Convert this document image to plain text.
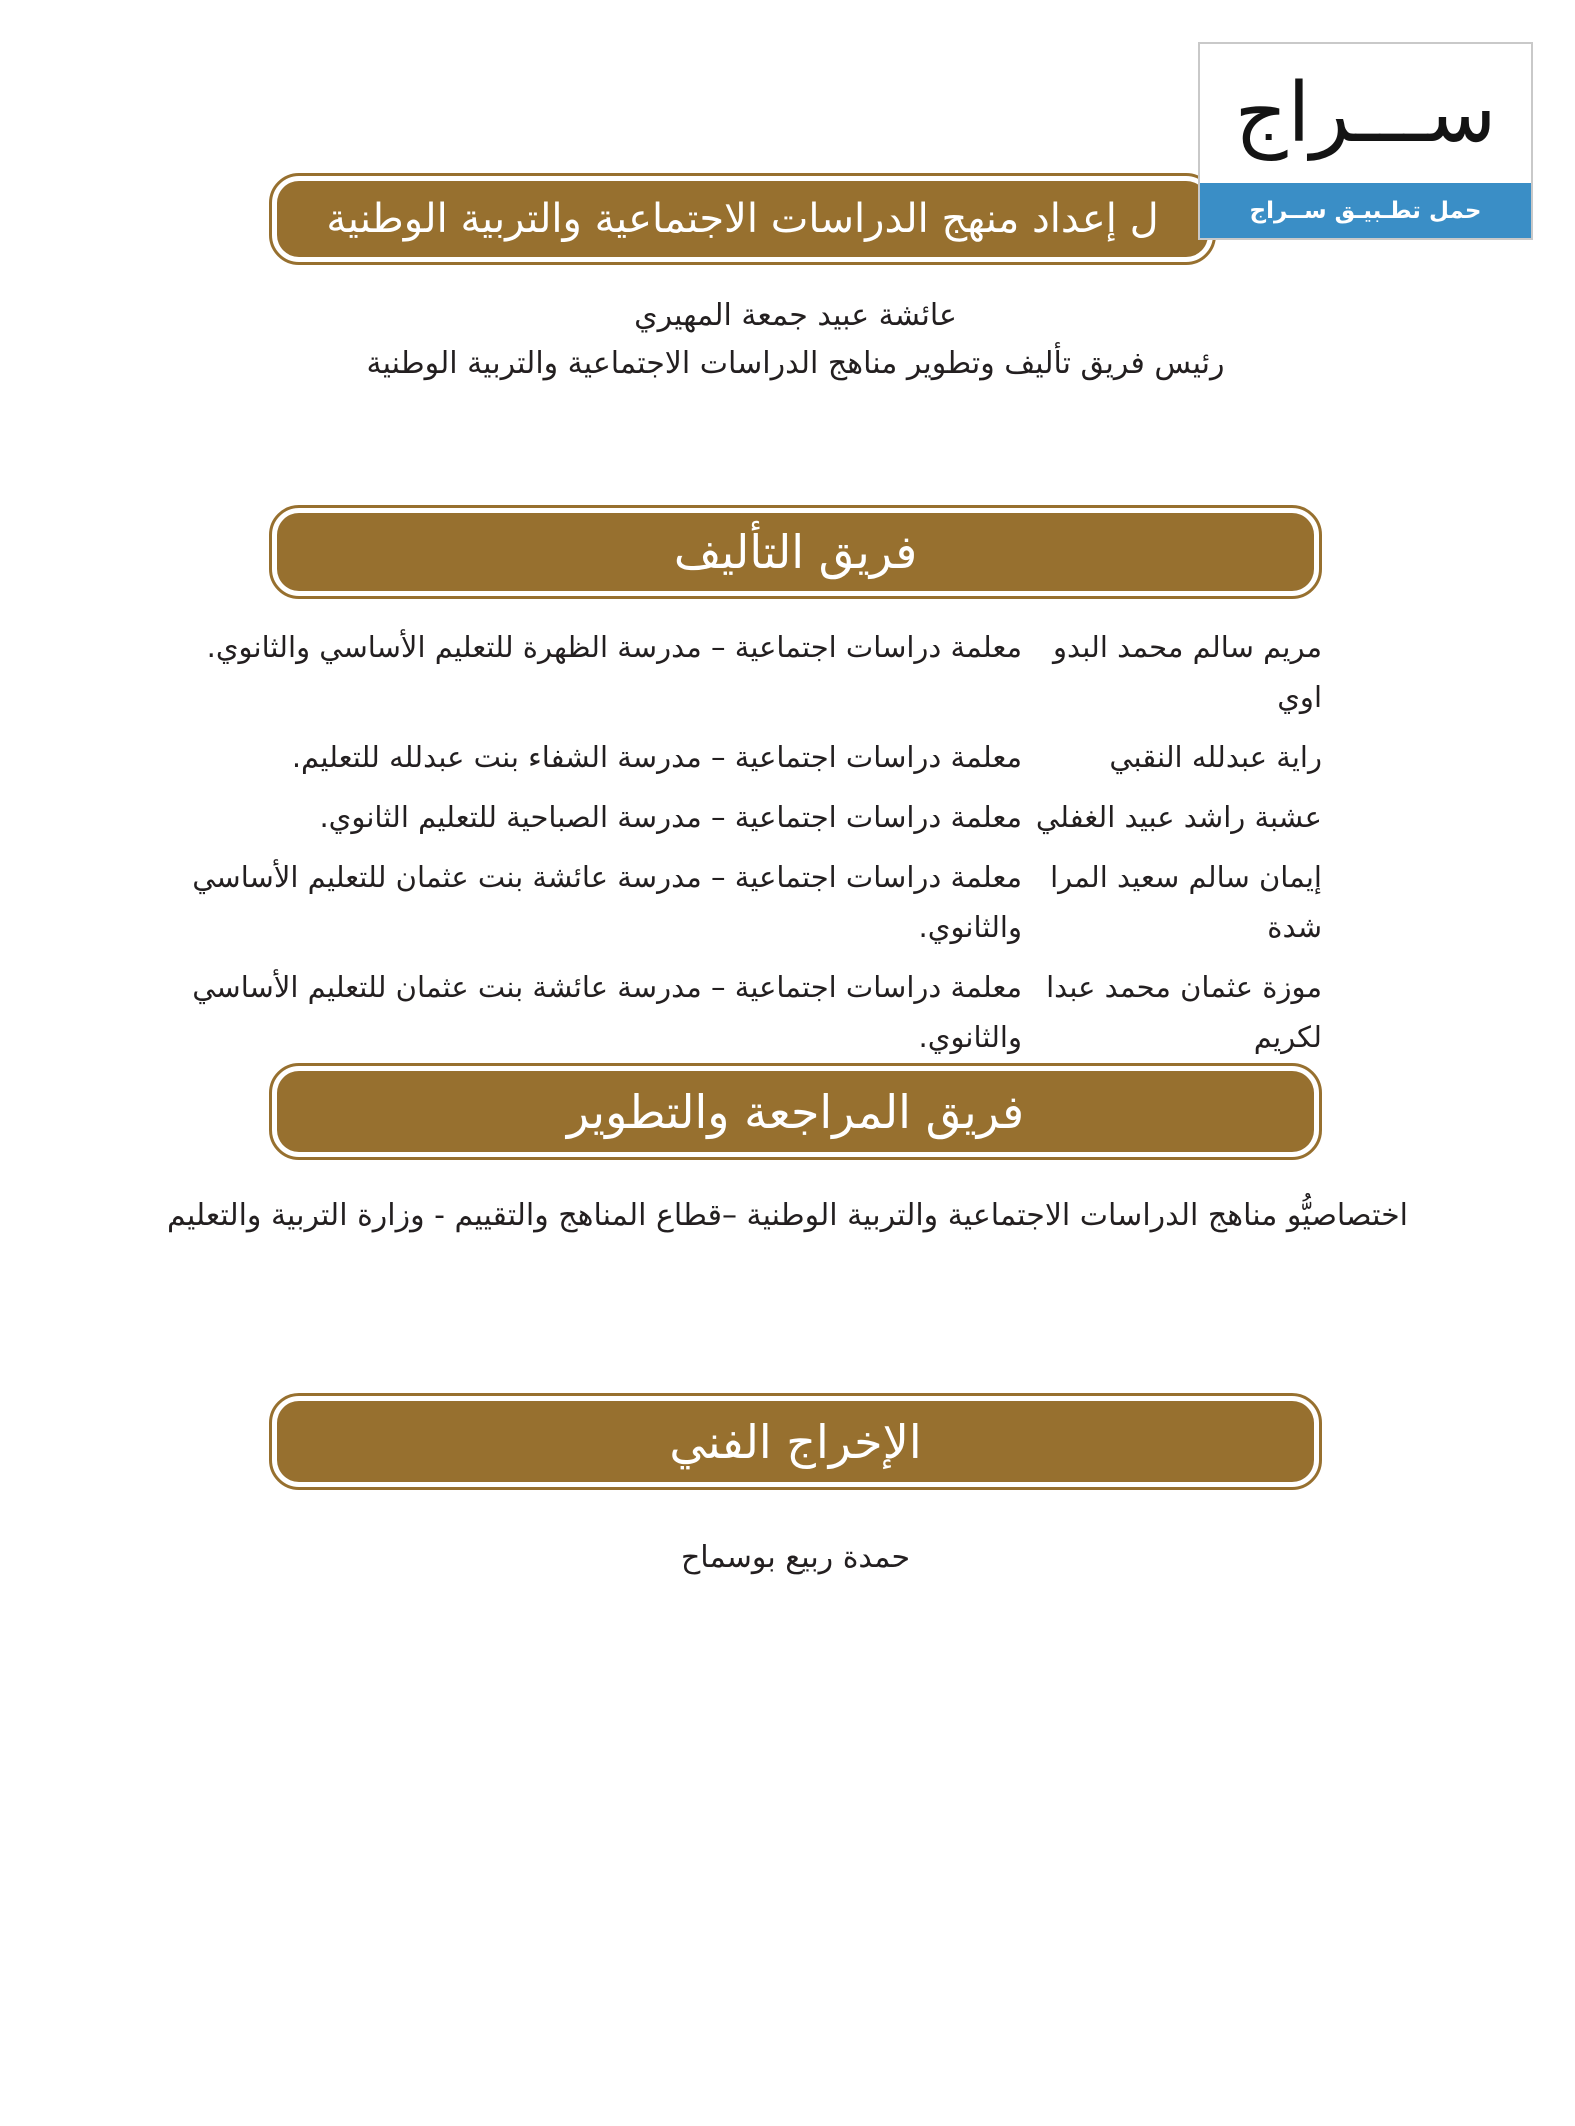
ل إعداد منهج الدراسات الاجتماعية والتربية الوطنية
ســـراج
حمل تطـبيـق ســراج
عائشة عبيد جمعة المهيري
رئيس فريق تأليف وتطوير مناهج الدراسات الاجتماعية والتربية الوطنية
فريق التأليف
مريم سالم محمد البدو اوي
معلمة دراسات اجتماعية – مدرسة الظهرة للتعليم الأساسي والثانوي.
راية عبدلله النقبي
معلمة دراسات اجتماعية – مدرسة الشفاء بنت عبدلله للتعليم.
عشبة راشد عبيد الغفلي
معلمة دراسات اجتماعية – مدرسة الصباحية للتعليم الثانوي.
إيمان سالم سعيد المرا شدة
معلمة دراسات اجتماعية – مدرسة عائشة بنت عثمان للتعليم الأساسي
والثانوي.
موزة عثمان محمد عبدا لكريم
معلمة دراسات اجتماعية – مدرسة عائشة بنت عثمان للتعليم الأساسي
والثانوي.
فريق المراجعة والتطوير
اختصاصيُّو مناهج الدراسات الاجتماعية والتربية الوطنية –قطاع المناهج والتقييم - وزارة التربية والتعليم
الإخراج الفني
حمدة ربيع بوسماح
